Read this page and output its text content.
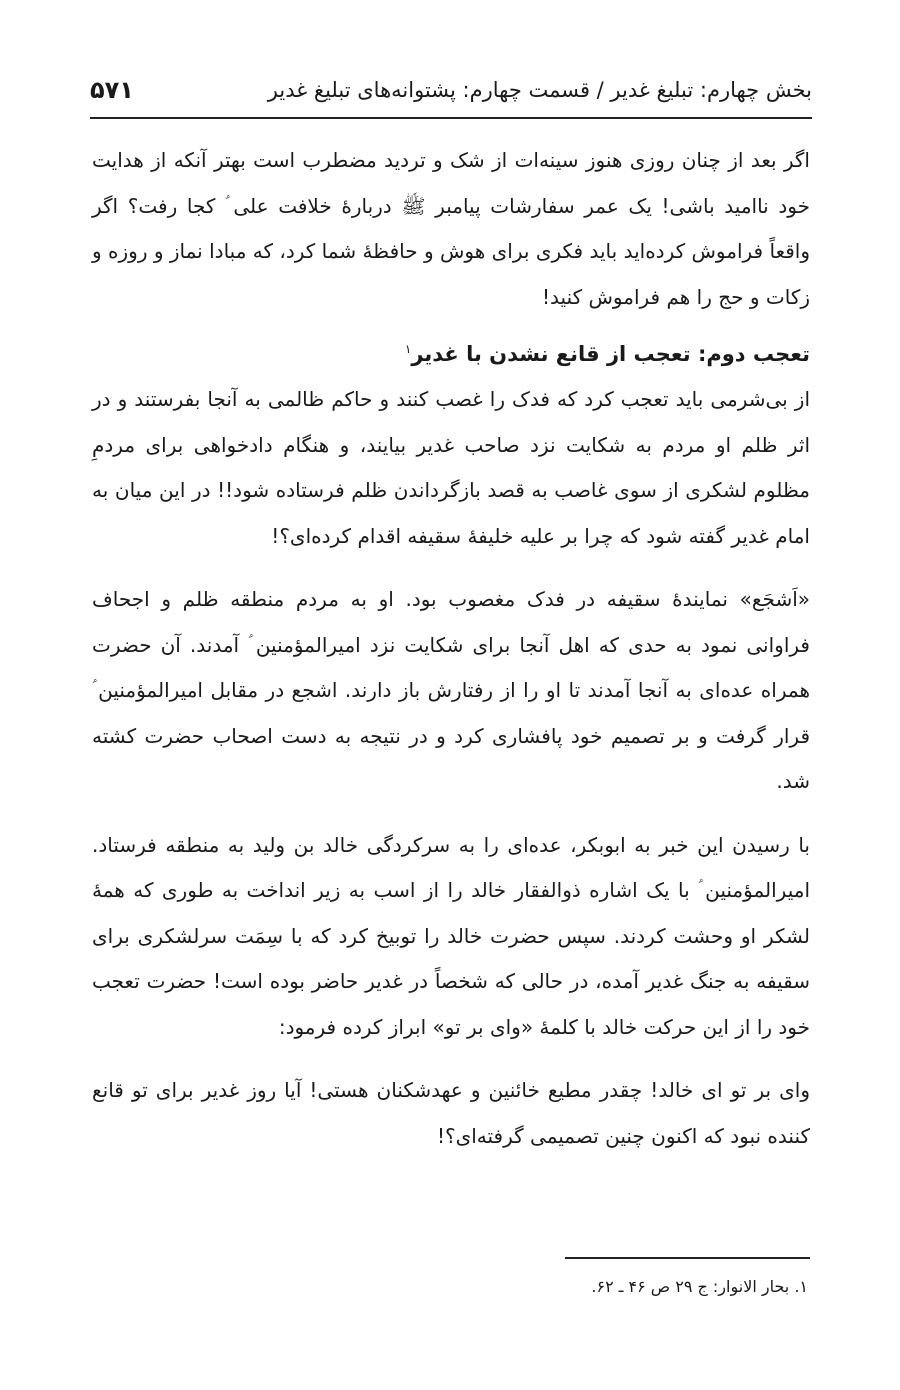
بخش چهارم: تبلیغ غدیر / قسمت چهارم: پشتوانه‌های تبلیغ غدیر
۵۷۱

اگر بعد از چنان روزی هنوز سینه‌ات از شک و تردید مضطرب است بهتر آنکه از هدایت خود ناامید باشی! یک عمر سفارشات پیامبر ﷺ دربارۀ خلافت علی ؑ کجا رفت؟ اگر واقعاً فراموش کرده‌اید باید فکری برای هوش و حافظۀ شما کرد، که مبادا نماز و روزه و زکات و حج را هم فراموش کنید!

تعجب دوم: تعجب از قانع نشدن با غدیر$^۱$

از بی‌شرمی باید تعجب کرد که فدک را غصب کنند و حاکم ظالمی به آنجا بفرستند و در اثر ظلم او مردم به شکایت نزد صاحب غدیر بیایند، و هنگام دادخواهی برای مردمِ مظلوم لشکری از سوی غاصب به قصد بازگرداندن ظلم فرستاده شود!! در این میان به امام غدیر گفته شود که چرا بر علیه خلیفۀ سقیفه اقدام کرده‌ای؟!

«اَشجَع» نمایندۀ سقیفه در فدک مغصوب بود. او به مردم منطقه ظلم و اجحاف فراوانی نمود به حدی که اهل آنجا برای شکایت نزد امیرالمؤمنین ؑ آمدند. آن حضرت همراه عده‌ای به آنجا آمدند تا او را از رفتارش باز دارند. اشجع در مقابل امیرالمؤمنین ؑ قرار گرفت و بر تصمیم خود پافشاری کرد و در نتیجه به دست اصحاب حضرت کشته شد.

با رسیدن این خبر به ابوبکر، عده‌ای را به سرکردگی خالد بن ولید به منطقه فرستاد. امیرالمؤمنین ؑ با یک اشاره ذوالفقار خالد را از اسب به زیر انداخت به طوری که همۀ لشکر او وحشت کردند. سپس حضرت خالد را توبیخ کرد که با سِمَت سرلشکری برای سقیفه به جنگ غدیر آمده، در حالی که شخصاً در غدیر حاضر بوده است! حضرت تعجب خود را از این حرکت خالد با کلمۀ «وای بر تو» ابراز کرده فرمود:

وای بر تو ای خالد! چقدر مطیع خائنین و عهدشکنان هستی! آیا روز غدیر برای تو قانع کننده نبود که اکنون چنین تصمیمی گرفته‌ای؟!

۱. بحار الانوار: ج ۲۹ ص ۴۶ ـ ۶۲.
